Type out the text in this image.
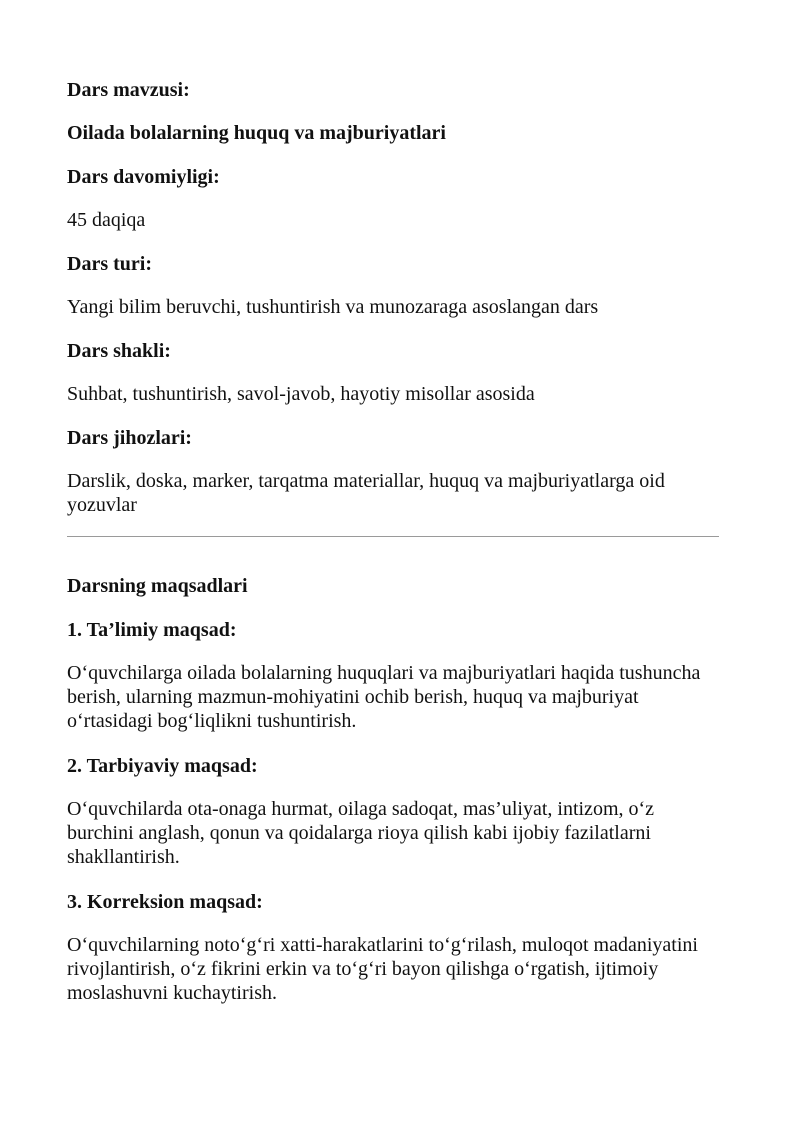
Dars mavzusi:

Oilada bolalarning huquq va majburiyatlari

Dars davomiyligi:

45 daqiqa

Dars turi:

Yangi bilim beruvchi, tushuntirish va munozaraga asoslangan dars

Dars shakli:

Suhbat, tushuntirish, savol-javob, hayotiy misollar asosida

Dars jihozlari:

Darslik, doska, marker, tarqatma materiallar, huquq va majburiyatlarga oid yozuvlar

Darsning maqsadlari

1. Ta’limiy maqsad:

O‘quvchilarga oilada bolalarning huquqlari va majburiyatlari haqida tushuncha berish, ularning mazmun-mohiyatini ochib berish, huquq va majburiyat o‘rtasidagi bog‘liqlikni tushuntirish.

2. Tarbiyaviy maqsad:

O‘quvchilarda ota-onaga hurmat, oilaga sadoqat, mas’uliyat, intizom, o‘z burchini anglash, qonun va qoidalarga rioya qilish kabi ijobiy fazilatlarni shakllantirish.

3. Korreksion maqsad:

O‘quvchilarning noto‘g‘ri xatti-harakatlarini to‘g‘rilash, muloqot madaniyatini rivojlantirish, o‘z fikrini erkin va to‘g‘ri bayon qilishga o‘rgatish, ijtimoiy moslashuvni kuchaytirish.
